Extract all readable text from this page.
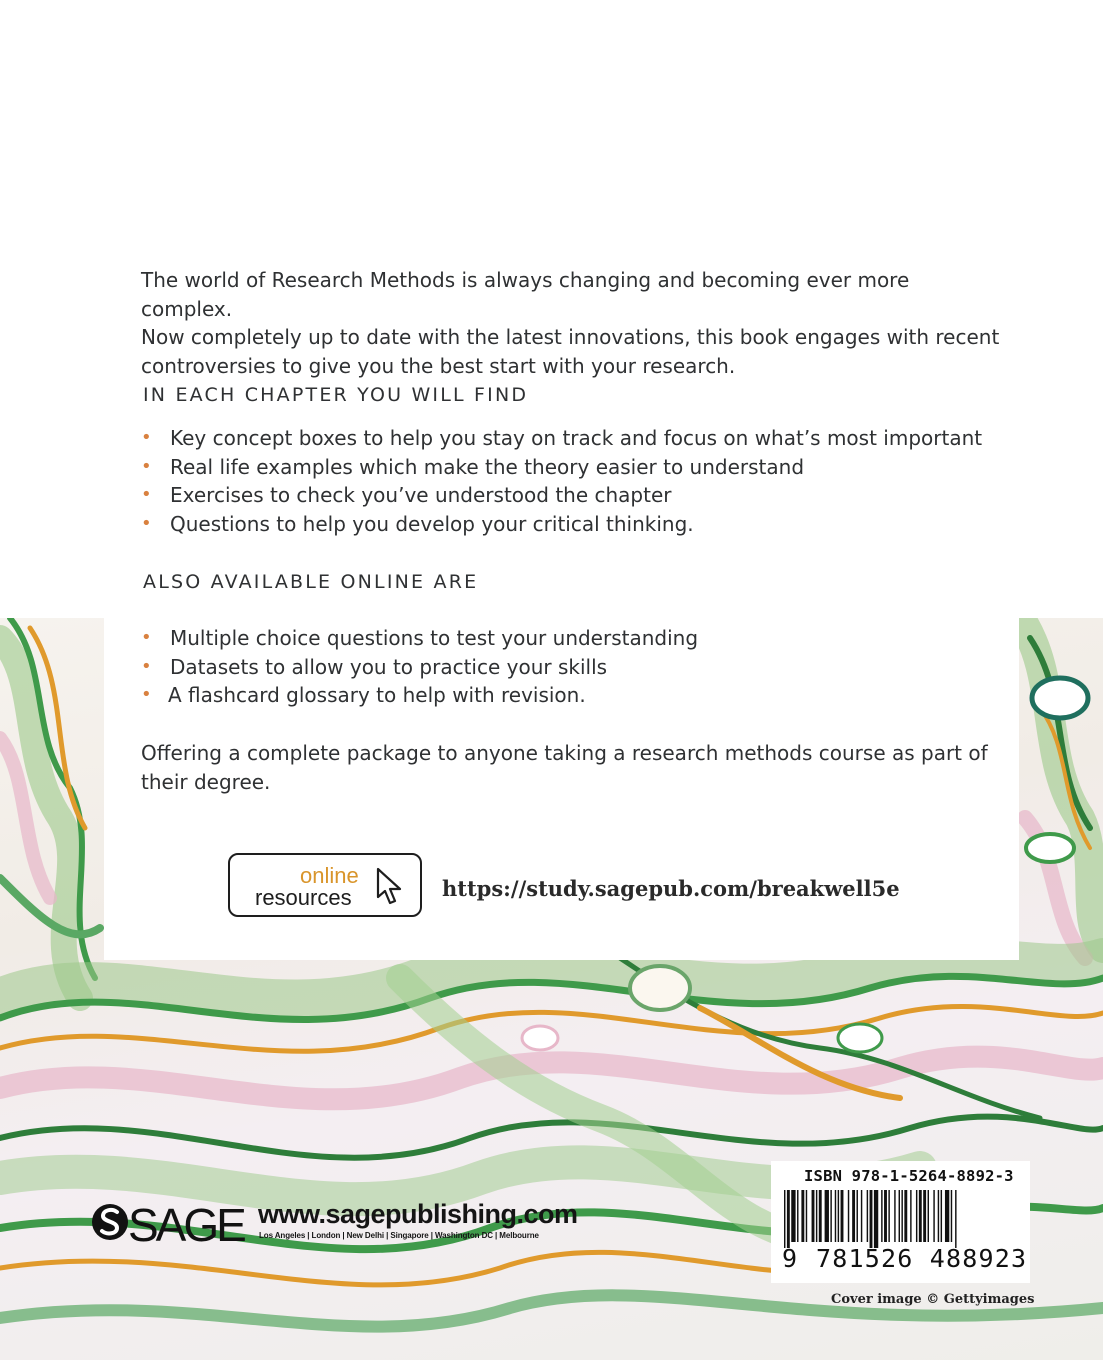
The world of Research Methods is always changing and becoming ever more complex.
Now completely up to date with the latest innovations, this book engages with recent
controversies to give you the best start with your research.
IN EACH CHAPTER YOU WILL FIND
• Key concept boxes to help you stay on track and focus on what’s most important
• Real life examples which make the theory easier to understand
• Exercises to check you’ve understood the chapter
• Questions to help you develop your critical thinking.
ALSO AVAILABLE ONLINE ARE
• Multiple choice questions to test your understanding
• Datasets to allow you to practice your skills
• A flashcard glossary to help with revision.
Offering a complete package to anyone taking a research methods course as part of
their degree.
online
resources	https://study.sagepub.com/breakwell5e
SAGE www.sagepublishing.com
Los Angeles | London | New Delhi | Singapore | Washington DC | Melbourne
ISBN 978-1-5264-8892-3
9 781526 488923
Cover image © Gettyimages
